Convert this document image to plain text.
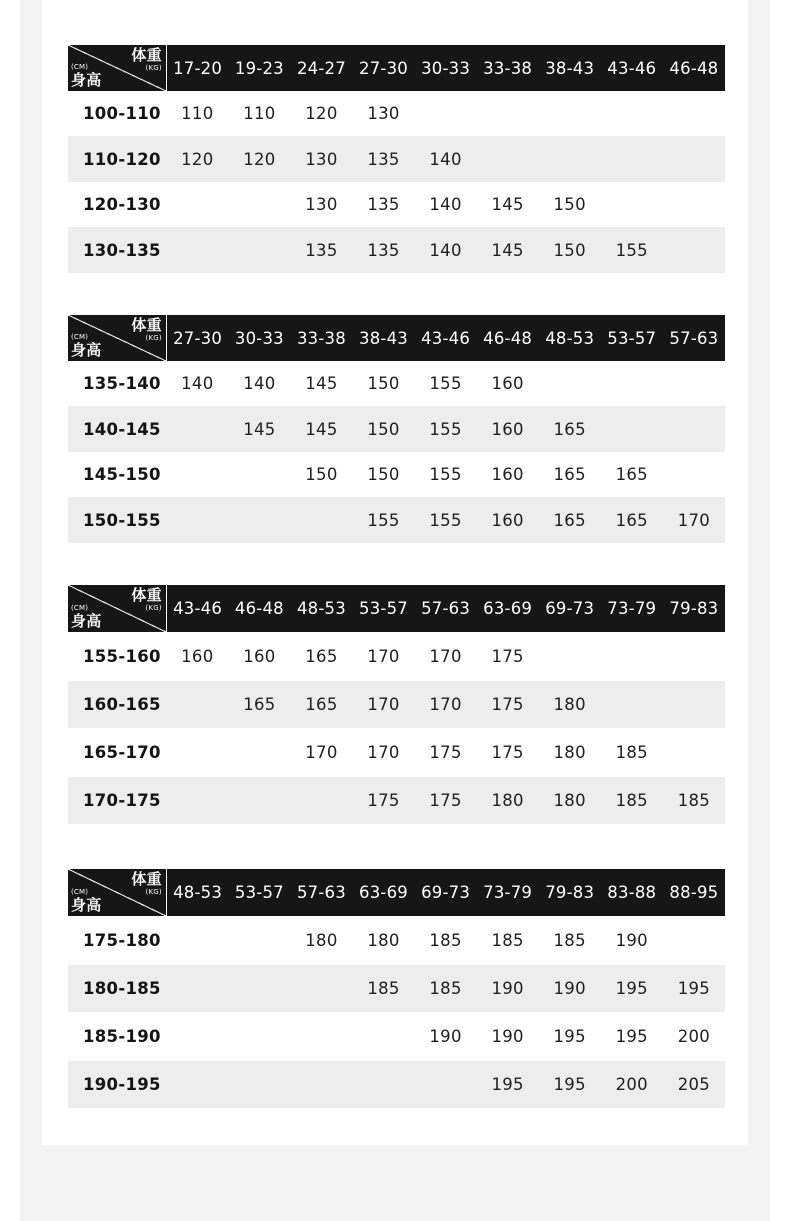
体重
(KG)
(CM)
身高	17-20	19-23	24-27	27-30	30-33	33-38	38-43	43-46	46-48
100-110	110	110	120	130					
110-120	120	120	130	135	140				
120-130			130	135	140	145	150		
130-135			135	135	140	145	150	155	
体重
(KG)
(CM)
身高	27-30	30-33	33-38	38-43	43-46	46-48	48-53	53-57	57-63
135-140	140	140	145	150	155	160			
140-145		145	145	150	155	160	165		
145-150			150	150	155	160	165	165	
150-155				155	155	160	165	165	170
体重
(KG)
(CM)
身高	43-46	46-48	48-53	53-57	57-63	63-69	69-73	73-79	79-83
155-160	160	160	165	170	170	175			
160-165		165	165	170	170	175	180		
165-170			170	170	175	175	180	185	
170-175				175	175	180	180	185	185
体重
(KG)
(CM)
身高	48-53	53-57	57-63	63-69	69-73	73-79	79-83	83-88	88-95
175-180			180	180	185	185	185	190	
180-185				185	185	190	190	195	195
185-190					190	190	195	195	200
190-195						195	195	200	205
